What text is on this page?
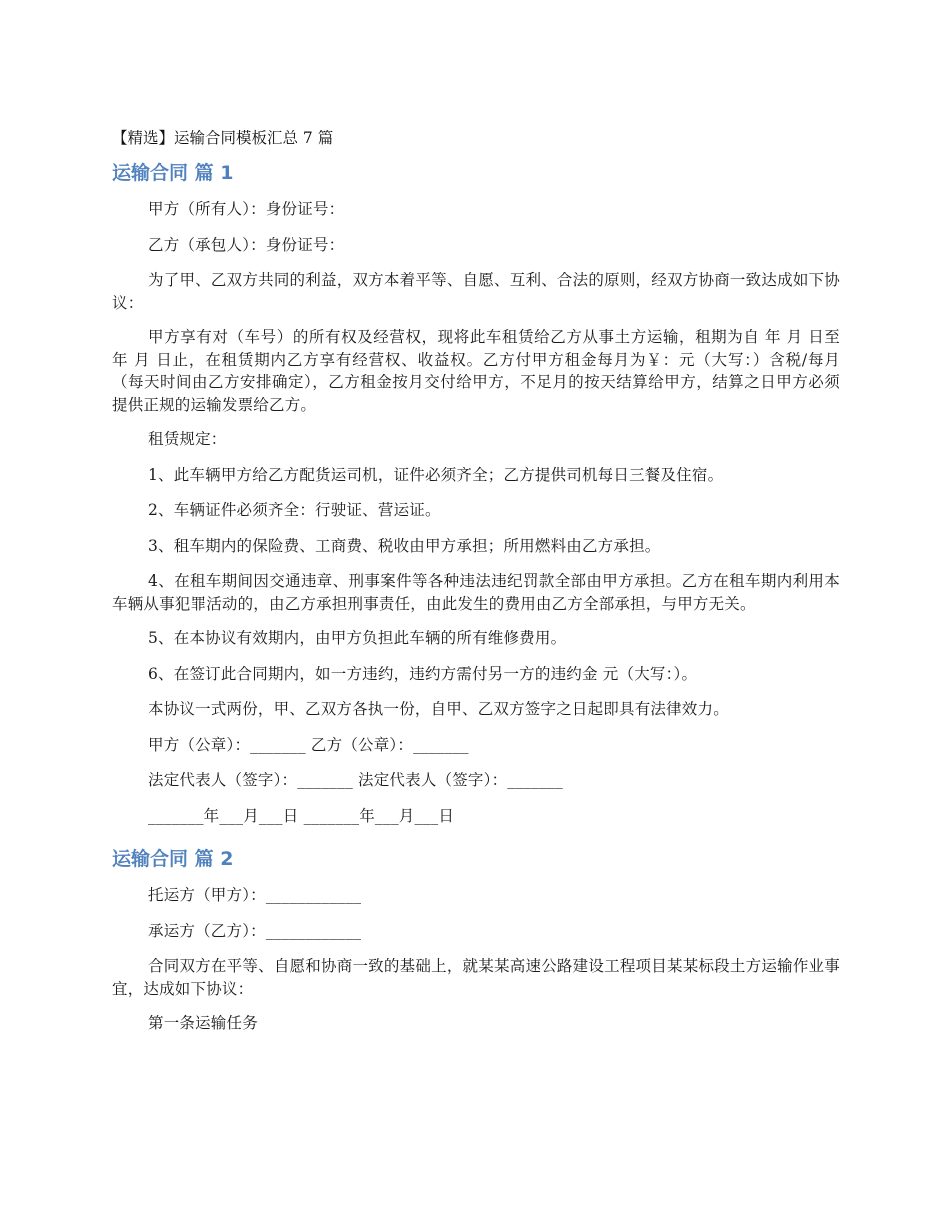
【精选】运输合同模板汇总 7 篇

运输合同 篇 1

甲方（所有人）：身份证号：

乙方（承包人）：身份证号：

为了甲、乙双方共同的利益，双方本着平等、自愿、互利、合法的原则，经双方协商一致达成如下协议：

甲方享有对（车号）的所有权及经营权，现将此车租赁给乙方从事土方运输，租期为自 年 月 日至 年 月 日止，在租赁期内乙方享有经营权、收益权。乙方付甲方租金每月为￥：元（大写：）含税/每月（每天时间由乙方安排确定），乙方租金按月交付给甲方，不足月的按天结算给甲方，结算之日甲方必须提供正规的运输发票给乙方。

租赁规定：

1、此车辆甲方给乙方配货运司机，证件必须齐全；乙方提供司机每日三餐及住宿。

2、车辆证件必须齐全：行驶证、营运证。

3、租车期内的保险费、工商费、税收由甲方承担；所用燃料由乙方承担。

4、在租车期间因交通违章、刑事案件等各种违法违纪罚款全部由甲方承担。乙方在租车期内利用本车辆从事犯罪活动的，由乙方承担刑事责任，由此发生的费用由乙方全部承担，与甲方无关。

5、在本协议有效期内，由甲方负担此车辆的所有维修费用。

6、在签订此合同期内，如一方违约，违约方需付另一方的违约金 元（大写：）。

本协议一式两份，甲、乙双方各执一份，自甲、乙双方签字之日起即具有法律效力。

甲方（公章）：_______ 乙方（公章）：_______

法定代表人（签字）：_______ 法定代表人（签字）：_______

_______年___月___日 _______年___月___日

运输合同 篇 2

托运方（甲方）：____________

承运方（乙方）：____________

合同双方在平等、自愿和协商一致的基础上，就某某高速公路建设工程项目某某标段土方运输作业事宜，达成如下协议：

第一条运输任务
